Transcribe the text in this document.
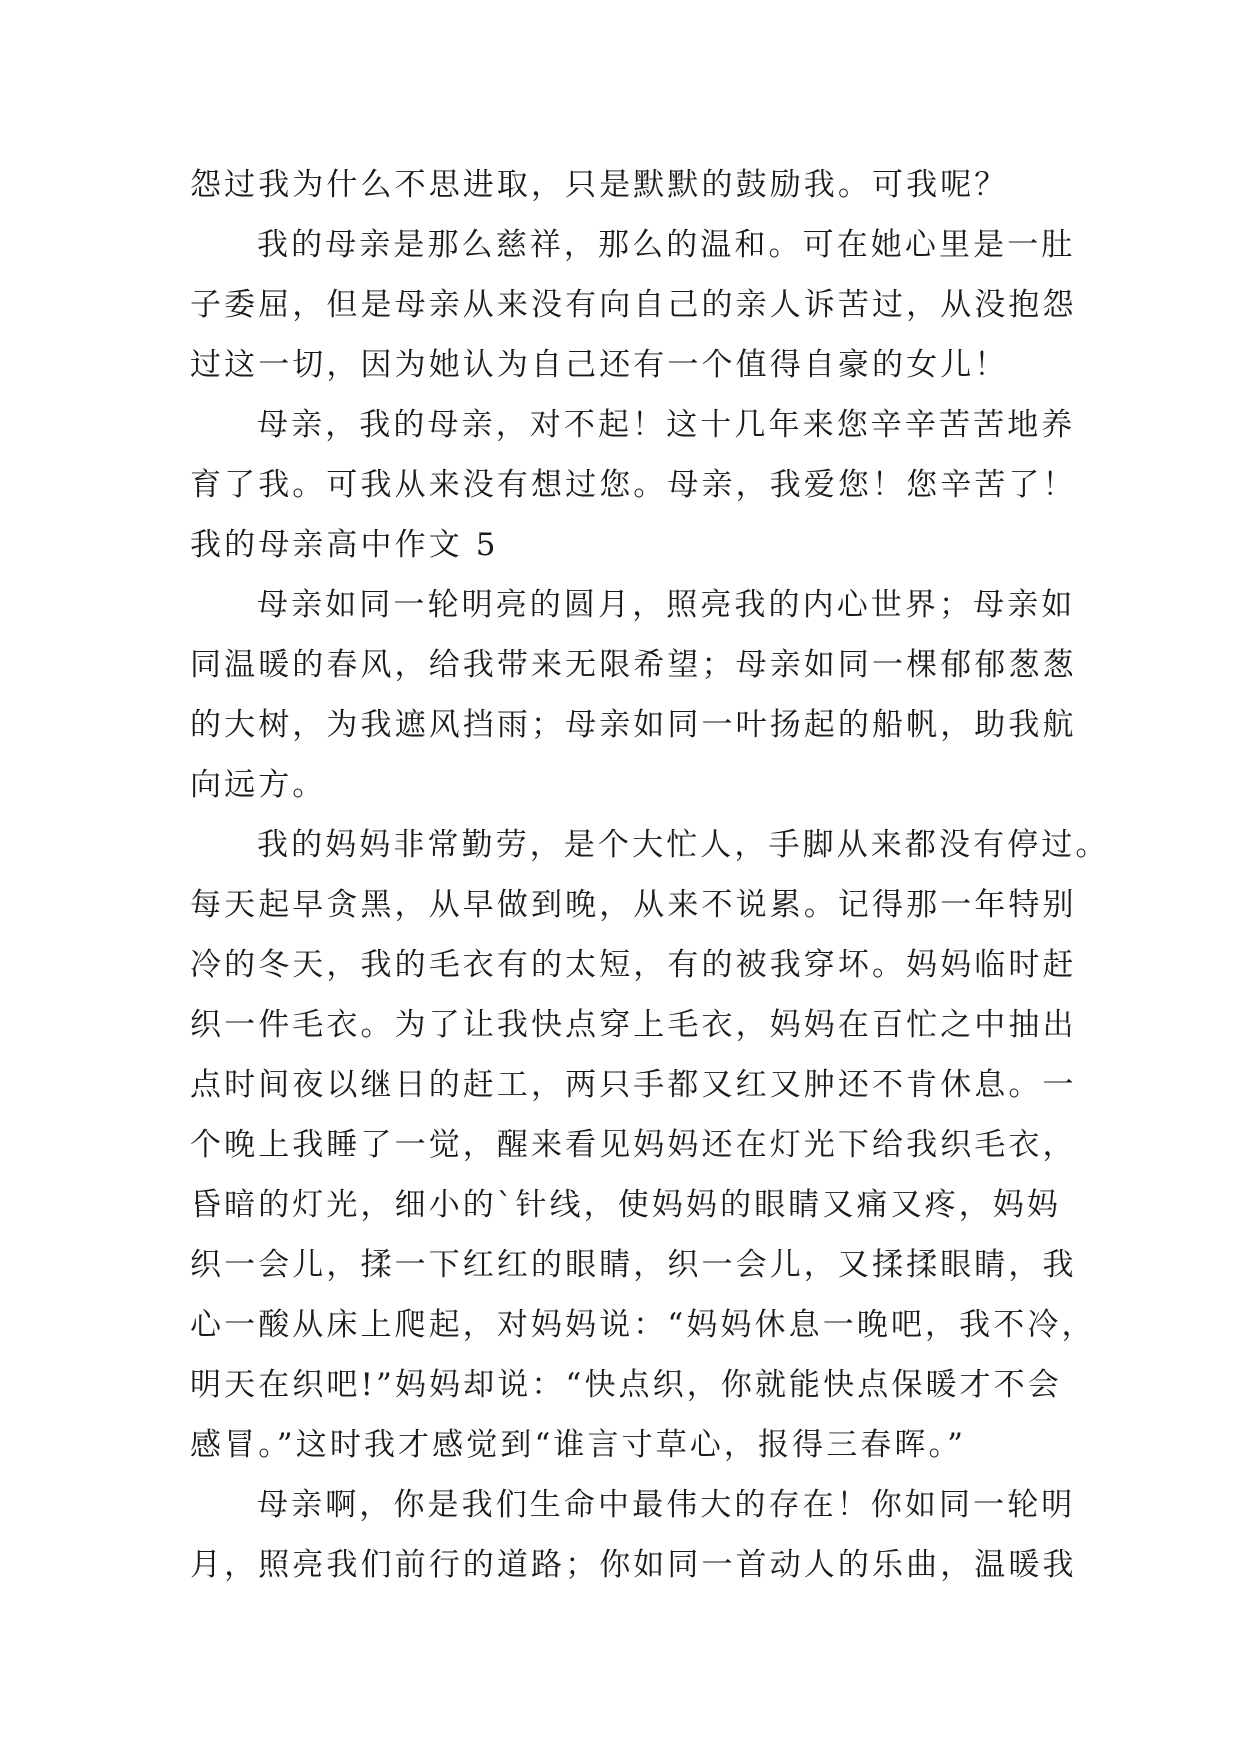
怨过我为什么不思进取，只是默默的鼓励我。可我呢？
我的母亲是那么慈祥，那么的温和。可在她心里是一肚
子委屈，但是母亲从来没有向自己的亲人诉苦过，从没抱怨
过这一切，因为她认为自己还有一个值得自豪的女儿！
母亲，我的母亲，对不起！这十几年来您辛辛苦苦地养
育了我。可我从来没有想过您。母亲，我爱您！您辛苦了！
我的母亲高中作文 5
母亲如同一轮明亮的圆月，照亮我的内心世界；母亲如
同温暖的春风，给我带来无限希望；母亲如同一棵郁郁葱葱
的大树，为我遮风挡雨；母亲如同一叶扬起的船帆，助我航
向远方。
我的妈妈非常勤劳，是个大忙人，手脚从来都没有停过。
每天起早贪黑，从早做到晚，从来不说累。记得那一年特别
冷的冬天，我的毛衣有的太短，有的被我穿坏。妈妈临时赶
织一件毛衣。为了让我快点穿上毛衣，妈妈在百忙之中抽出
点时间夜以继日的赶工，两只手都又红又肿还不肯休息。一
个晚上我睡了一觉，醒来看见妈妈还在灯光下给我织毛衣，
昏暗的灯光，细小的`针线，使妈妈的眼睛又痛又疼，妈妈
织一会儿，揉一下红红的眼睛，织一会儿，又揉揉眼睛，我
心一酸从床上爬起，对妈妈说：“妈妈休息一晚吧，我不冷，
明天在织吧!”妈妈却说：“快点织，你就能快点保暖才不会
感冒。”这时我才感觉到“谁言寸草心，报得三春晖。”
母亲啊，你是我们生命中最伟大的存在！你如同一轮明
月，照亮我们前行的道路；你如同一首动人的乐曲，温暖我
